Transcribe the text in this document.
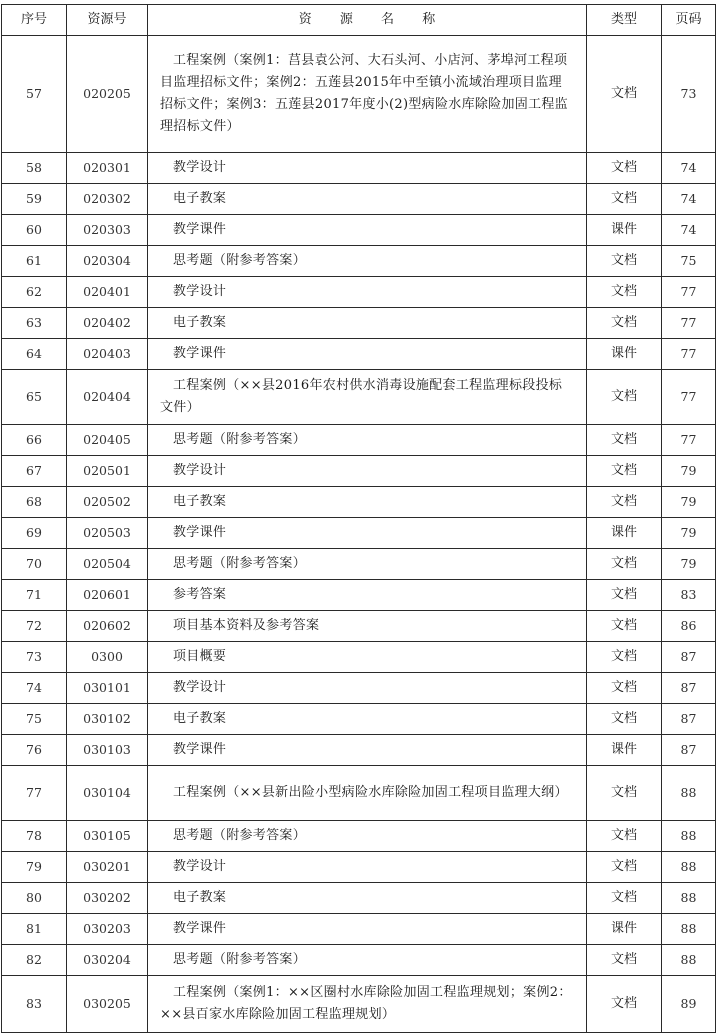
序号	资源号	资 源 名 称	类型	页码
57	020205	工程案例（案例1：莒县袁公河、大石头河、小店河、茅埠河工程项目监理招标文件；案例2：五莲县2015年中至镇小流域治理项目监理招标文件；案例3：五莲县2017年度小(2)型病险水库除险加固工程监理招标文件）	文档	73
58	020301	教学设计	文档	74
59	020302	电子教案	文档	74
60	020303	教学课件	课件	74
61	020304	思考题（附参考答案）	文档	75
62	020401	教学设计	文档	77
63	020402	电子教案	文档	77
64	020403	教学课件	课件	77
65	020404	工程案例（××县2016年农村供水消毒设施配套工程监理标段投标文件）	文档	77
66	020405	思考题（附参考答案）	文档	77
67	020501	教学设计	文档	79
68	020502	电子教案	文档	79
69	020503	教学课件	课件	79
70	020504	思考题（附参考答案）	文档	79
71	020601	参考答案	文档	83
72	020602	项目基本资料及参考答案	文档	86
73	0300	项目概要	文档	87
74	030101	教学设计	文档	87
75	030102	电子教案	文档	87
76	030103	教学课件	课件	87
77	030104	工程案例（××县新出险小型病险水库除险加固工程项目监理大纲）	文档	88
78	030105	思考题（附参考答案）	文档	88
79	030201	教学设计	文档	88
80	030202	电子教案	文档	88
81	030203	教学课件	课件	88
82	030204	思考题（附参考答案）	文档	88
83	030205	工程案例（案例1：××区圈村水库除险加固工程监理规划；案例2：××县百家水库除险加固工程监理规划）	文档	89
